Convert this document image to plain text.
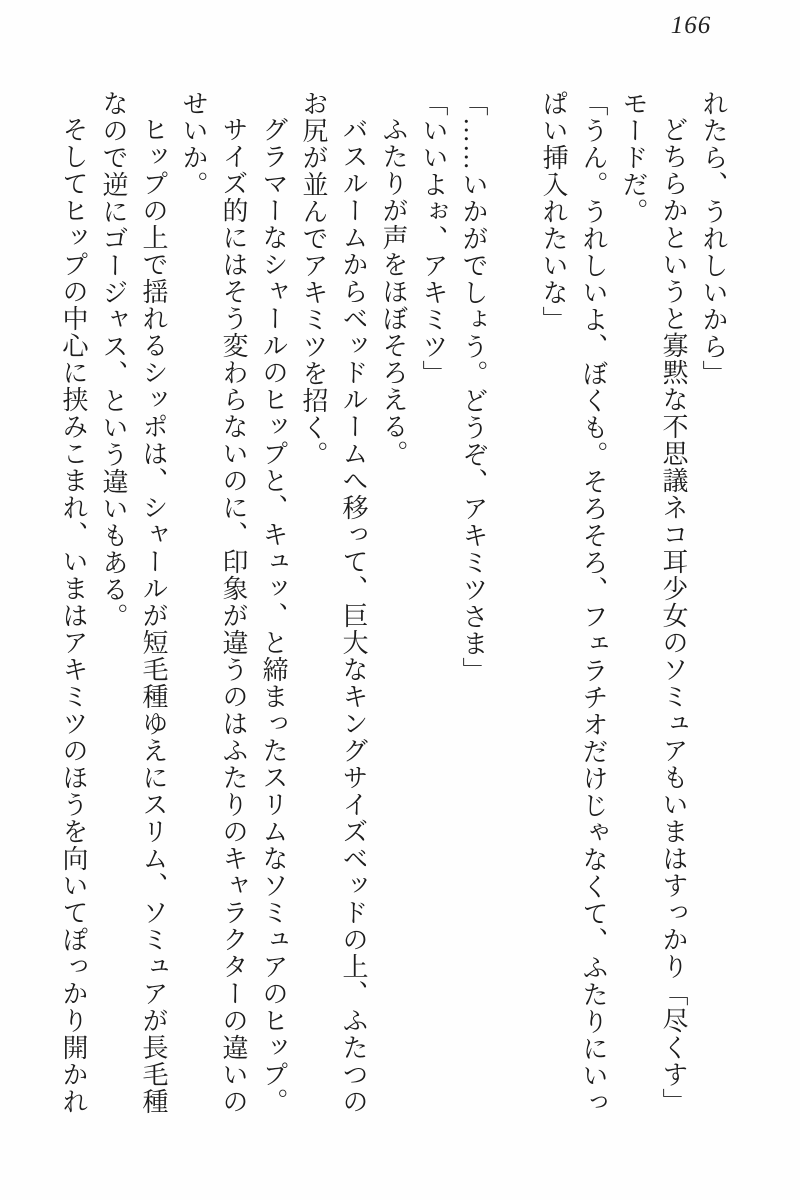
166

れたら、うれしいから」

どちらかというと寡黙な不思議ネコ耳少女のソミュアもいまはすっかり「尽くす」モードだ。

「うん。うれしいよ、ぼくも。そろそろ、フェラチオだけじゃなくて、ふたりにいっぱい挿入れたいな」

「……いかがでしょう。どうぞ、アキミツさま」

「いいよぉ、アキミツ」

ふたりが声をほぼそろえる。

バスルームからベッドルームへ移って、巨大なキングサイズベッドの上、ふたつのお尻が並んでアキミツを招く。

グラマーなシャールのヒップと、キュッ、と締まったスリムなソミュアのヒップ。

サイズ的にはそう変わらないのに、印象が違うのはふたりのキャラクターの違いのせいか。

ヒップの上で揺れるシッポは、シャールが短毛種ゆえにスリム、ソミュアが長毛種なので逆にゴージャス、という違いもある。

そしてヒップの中心に挟みこまれ、いまはアキミツのほうを向いてぽっかり開かれ
